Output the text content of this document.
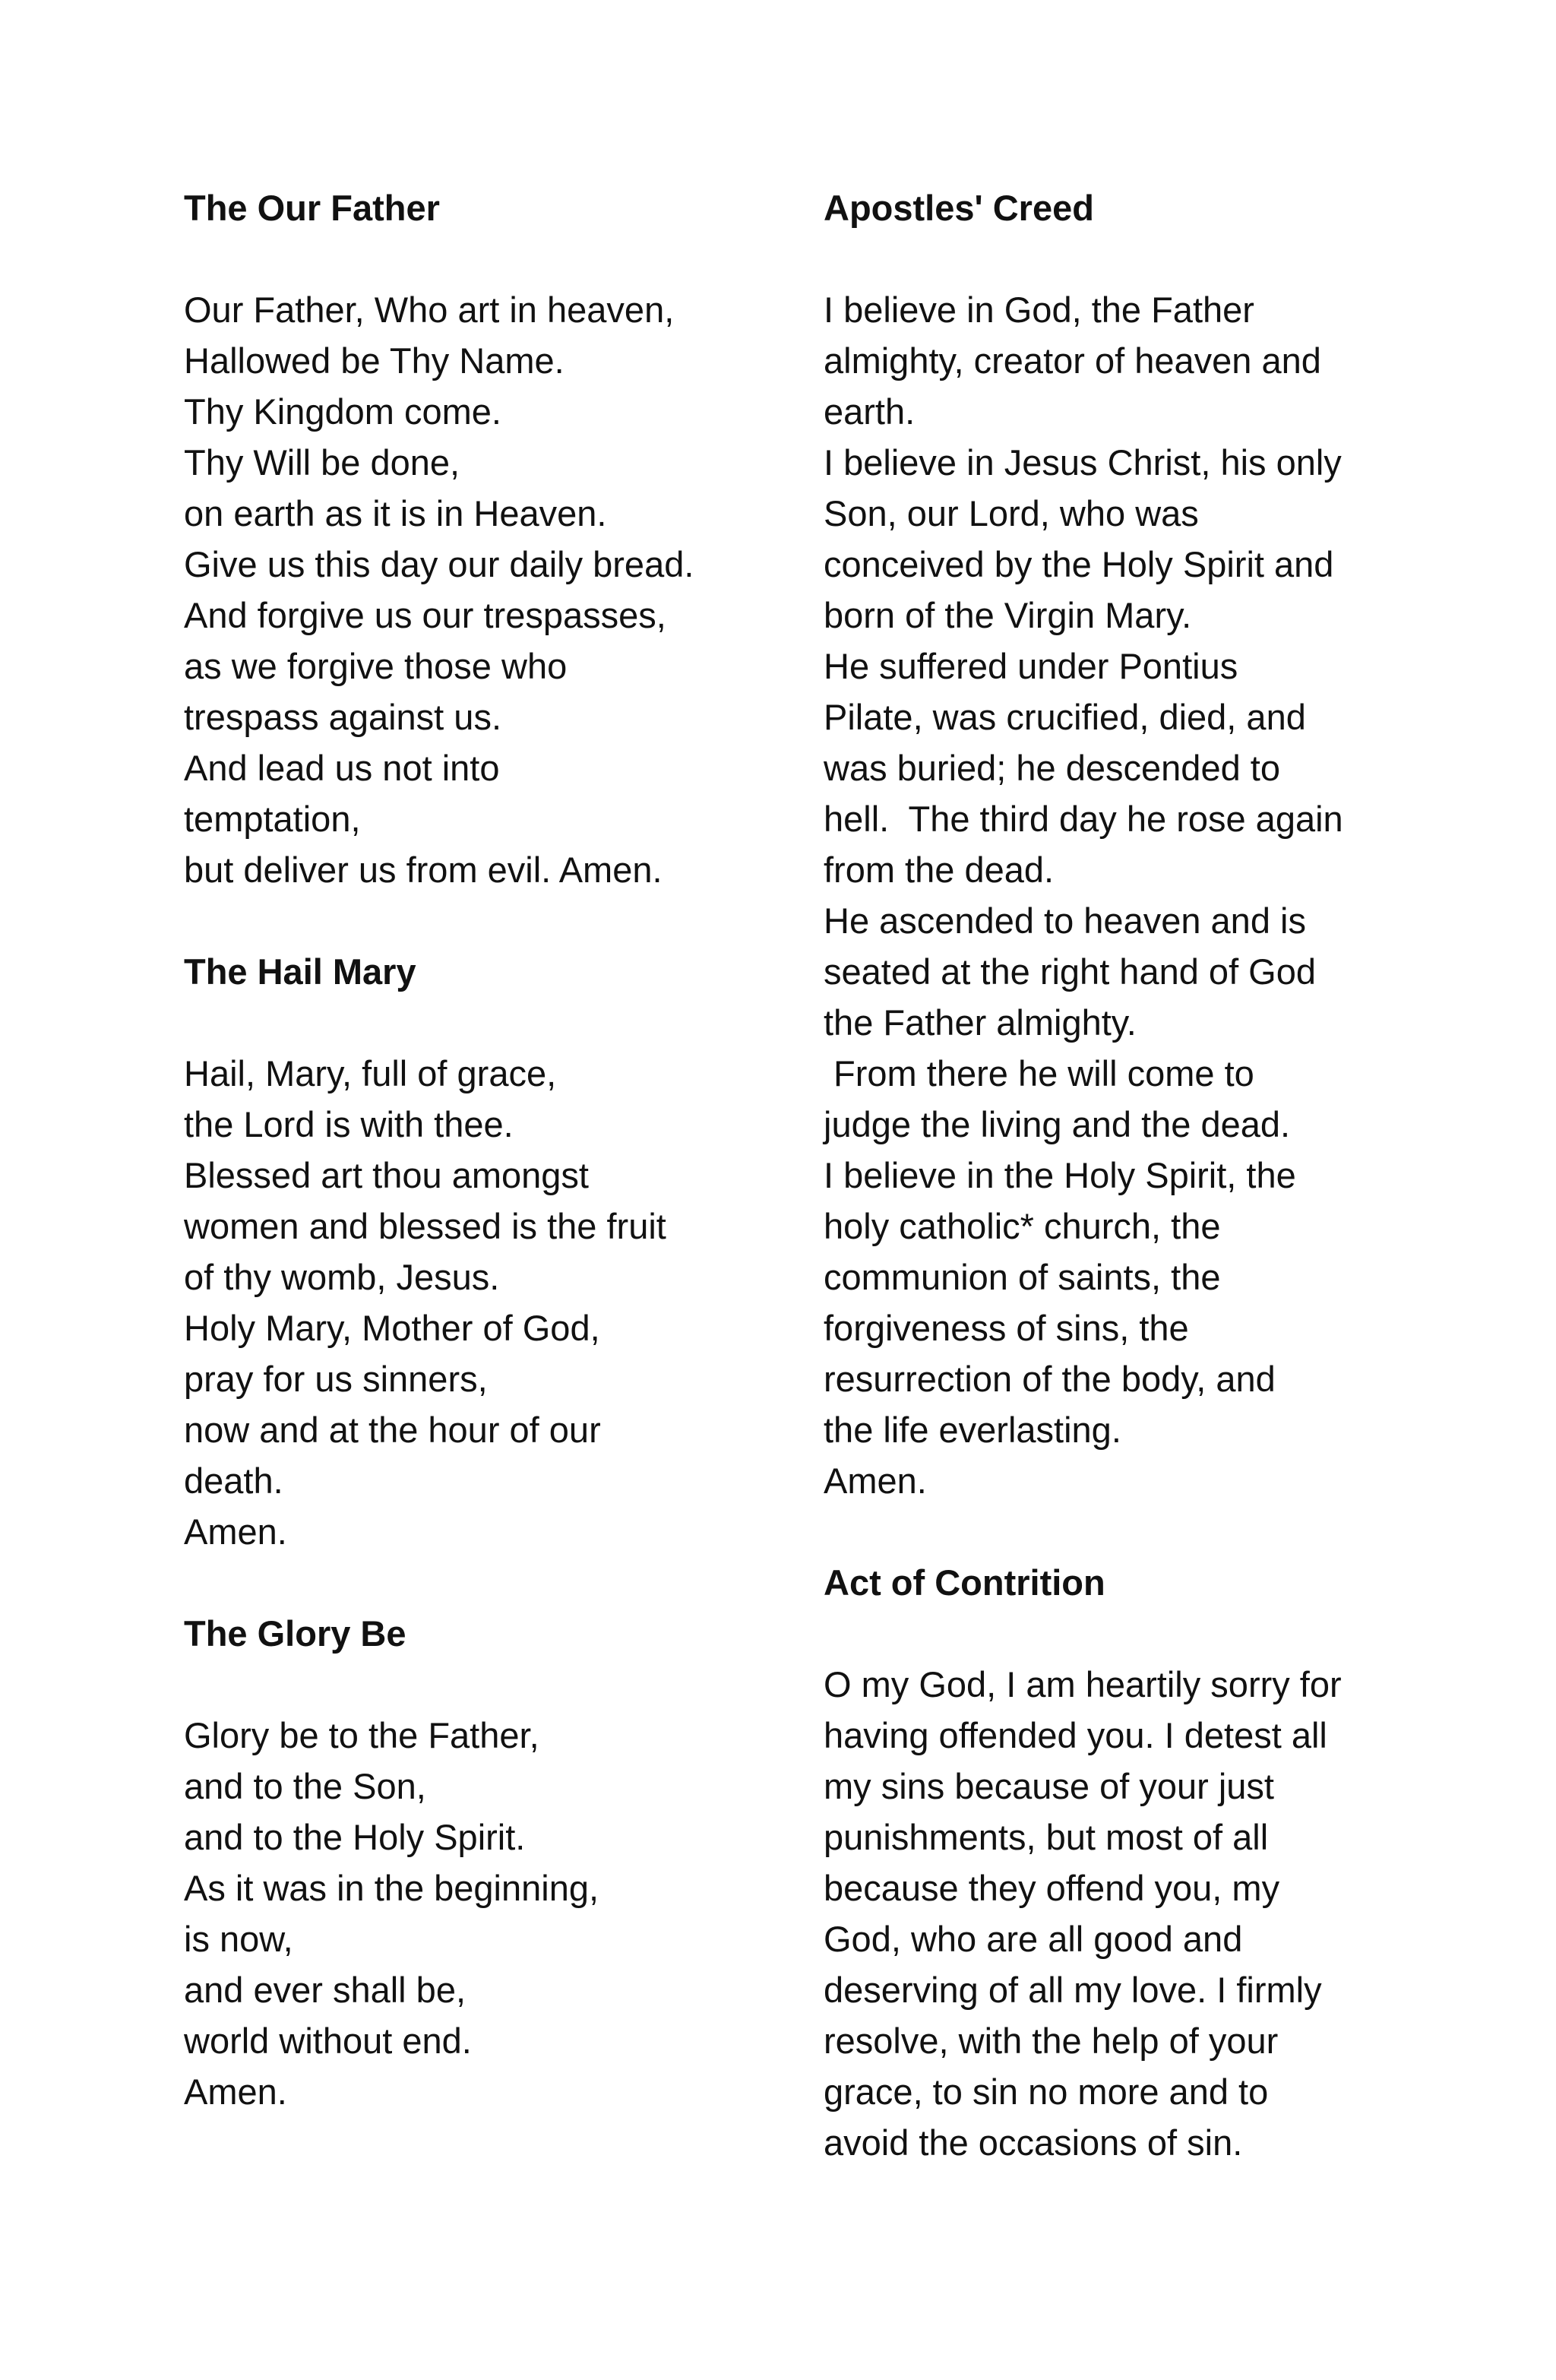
The Our Father
Our Father, Who art in heaven,
Hallowed be Thy Name.
Thy Kingdom come.
Thy Will be done,
on earth as it is in Heaven.
Give us this day our daily bread.
And forgive us our trespasses,
as we forgive those who
trespass against us.
And lead us not into
temptation,
but deliver us from evil. Amen.
The Hail Mary
Hail, Mary, full of grace,
the Lord is with thee.
Blessed art thou amongst
women and blessed is the fruit
of thy womb, Jesus.
Holy Mary, Mother of God,
pray for us sinners,
now and at the hour of our
death.
Amen.
The Glory Be
Glory be to the Father,
and to the Son,
and to the Holy Spirit.
As it was in the beginning,
is now,
and ever shall be,
world without end.
Amen.
Apostles' Creed
I believe in God, the Father
almighty, creator of heaven and
earth.
I believe in Jesus Christ, his only
Son, our Lord, who was
conceived by the Holy Spirit and
born of the Virgin Mary.
He suffered under Pontius
Pilate, was crucified, died, and
was buried; he descended to
hell.  The third day he rose again
from the dead.
He ascended to heaven and is
seated at the right hand of God
the Father almighty.
From there he will come to
judge the living and the dead.
I believe in the Holy Spirit, the
holy catholic* church, the
communion of saints, the
forgiveness of sins, the
resurrection of the body, and
the life everlasting.
Amen.
Act of Contrition
O my God, I am heartily sorry for
having offended you. I detest all
my sins because of your just
punishments, but most of all
because they offend you, my
God, who are all good and
deserving of all my love. I firmly
resolve, with the help of your
grace, to sin no more and to
avoid the occasions of sin.
